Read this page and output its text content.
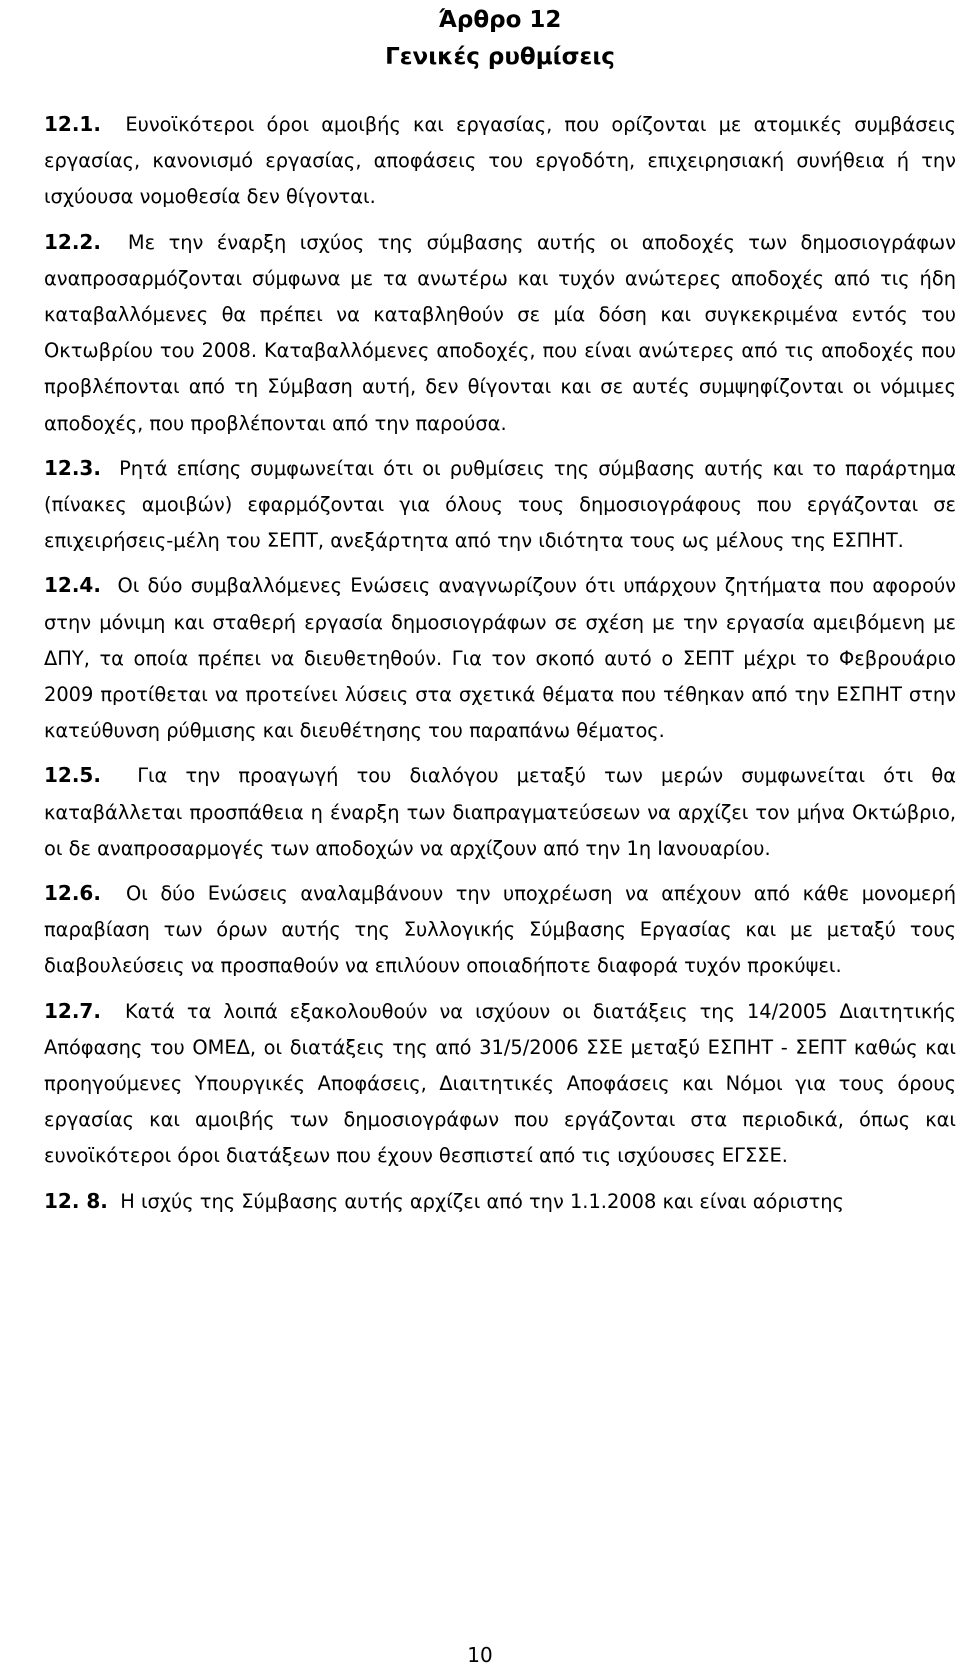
Άρθρο 12
Γενικές ρυθμίσεις

12.1. Ευνοϊκότεροι όροι αμοιβής και εργασίας, που ορίζονται με ατομικές συμβάσεις εργασίας, κανονισμό εργασίας, αποφάσεις του εργοδότη, επιχειρησιακή συνήθεια ή την ισχύουσα νομοθεσία δεν θίγονται.

12.2. Με την έναρξη ισχύος της σύμβασης αυτής οι αποδοχές των δημοσιογράφων αναπροσαρμόζονται σύμφωνα με τα ανωτέρω και τυχόν ανώτερες αποδοχές από τις ήδη καταβαλλόμενες θα πρέπει να καταβληθούν σε μία δόση και συγκεκριμένα εντός του Οκτωβρίου του 2008. Καταβαλλόμενες αποδοχές, που είναι ανώτερες από τις αποδοχές που προβλέπονται από τη Σύμβαση αυτή, δεν θίγονται και σε αυτές συμψηφίζονται οι νόμιμες αποδοχές, που προβλέπονται από την παρούσα.

12.3. Ρητά επίσης συμφωνείται ότι οι ρυθμίσεις της σύμβασης αυτής και το παράρτημα (πίνακες αμοιβών) εφαρμόζονται για όλους τους δημοσιογράφους που εργάζονται σε επιχειρήσεις-μέλη του ΣΕΠΤ, ανεξάρτητα από την ιδιότητα τους ως μέλους της ΕΣΠΗΤ.

12.4. Οι δύο συμβαλλόμενες Ενώσεις αναγνωρίζουν ότι υπάρχουν ζητήματα που αφορούν στην μόνιμη και σταθερή εργασία δημοσιογράφων σε σχέση με την εργασία αμειβόμενη με ΔΠΥ, τα οποία πρέπει να διευθετηθούν. Για τον σκοπό αυτό ο ΣΕΠΤ μέχρι το Φεβρουάριο 2009 προτίθεται να προτείνει λύσεις στα σχετικά θέματα που τέθηκαν από την ΕΣΠΗΤ στην κατεύθυνση ρύθμισης και διευθέτησης του παραπάνω θέματος.

12.5. Για την προαγωγή του διαλόγου μεταξύ των μερών συμφωνείται ότι θα καταβάλλεται προσπάθεια η έναρξη των διαπραγματεύσεων να αρχίζει τον μήνα Οκτώβριο, οι δε αναπροσαρμογές των αποδοχών να αρχίζουν από την 1η Ιανουαρίου.

12.6. Οι δύο Ενώσεις αναλαμβάνουν την υποχρέωση να απέχουν από κάθε μονομερή παραβίαση των όρων αυτής της Συλλογικής Σύμβασης Εργασίας και με μεταξύ τους διαβουλεύσεις να προσπαθούν να επιλύουν οποιαδήποτε διαφορά τυχόν προκύψει.

12.7. Κατά τα λοιπά εξακολουθούν να ισχύουν οι διατάξεις της 14/2005 Διαιτητικής Απόφασης του ΟΜΕΔ, οι διατάξεις της από 31/5/2006 ΣΣΕ μεταξύ ΕΣΠΗΤ - ΣΕΠΤ καθώς και προηγούμενες Υπουργικές Αποφάσεις, Διαιτητικές Αποφάσεις και Νόμοι για τους όρους εργασίας και αμοιβής των δημοσιογράφων που εργάζονται στα περιοδικά, όπως και ευνοϊκότεροι όροι διατάξεων που έχουν θεσπιστεί από τις ισχύουσες ΕΓΣΣΕ.

12. 8. Η ισχύς της Σύμβασης αυτής αρχίζει από την 1.1.2008 και είναι αόριστης

10
